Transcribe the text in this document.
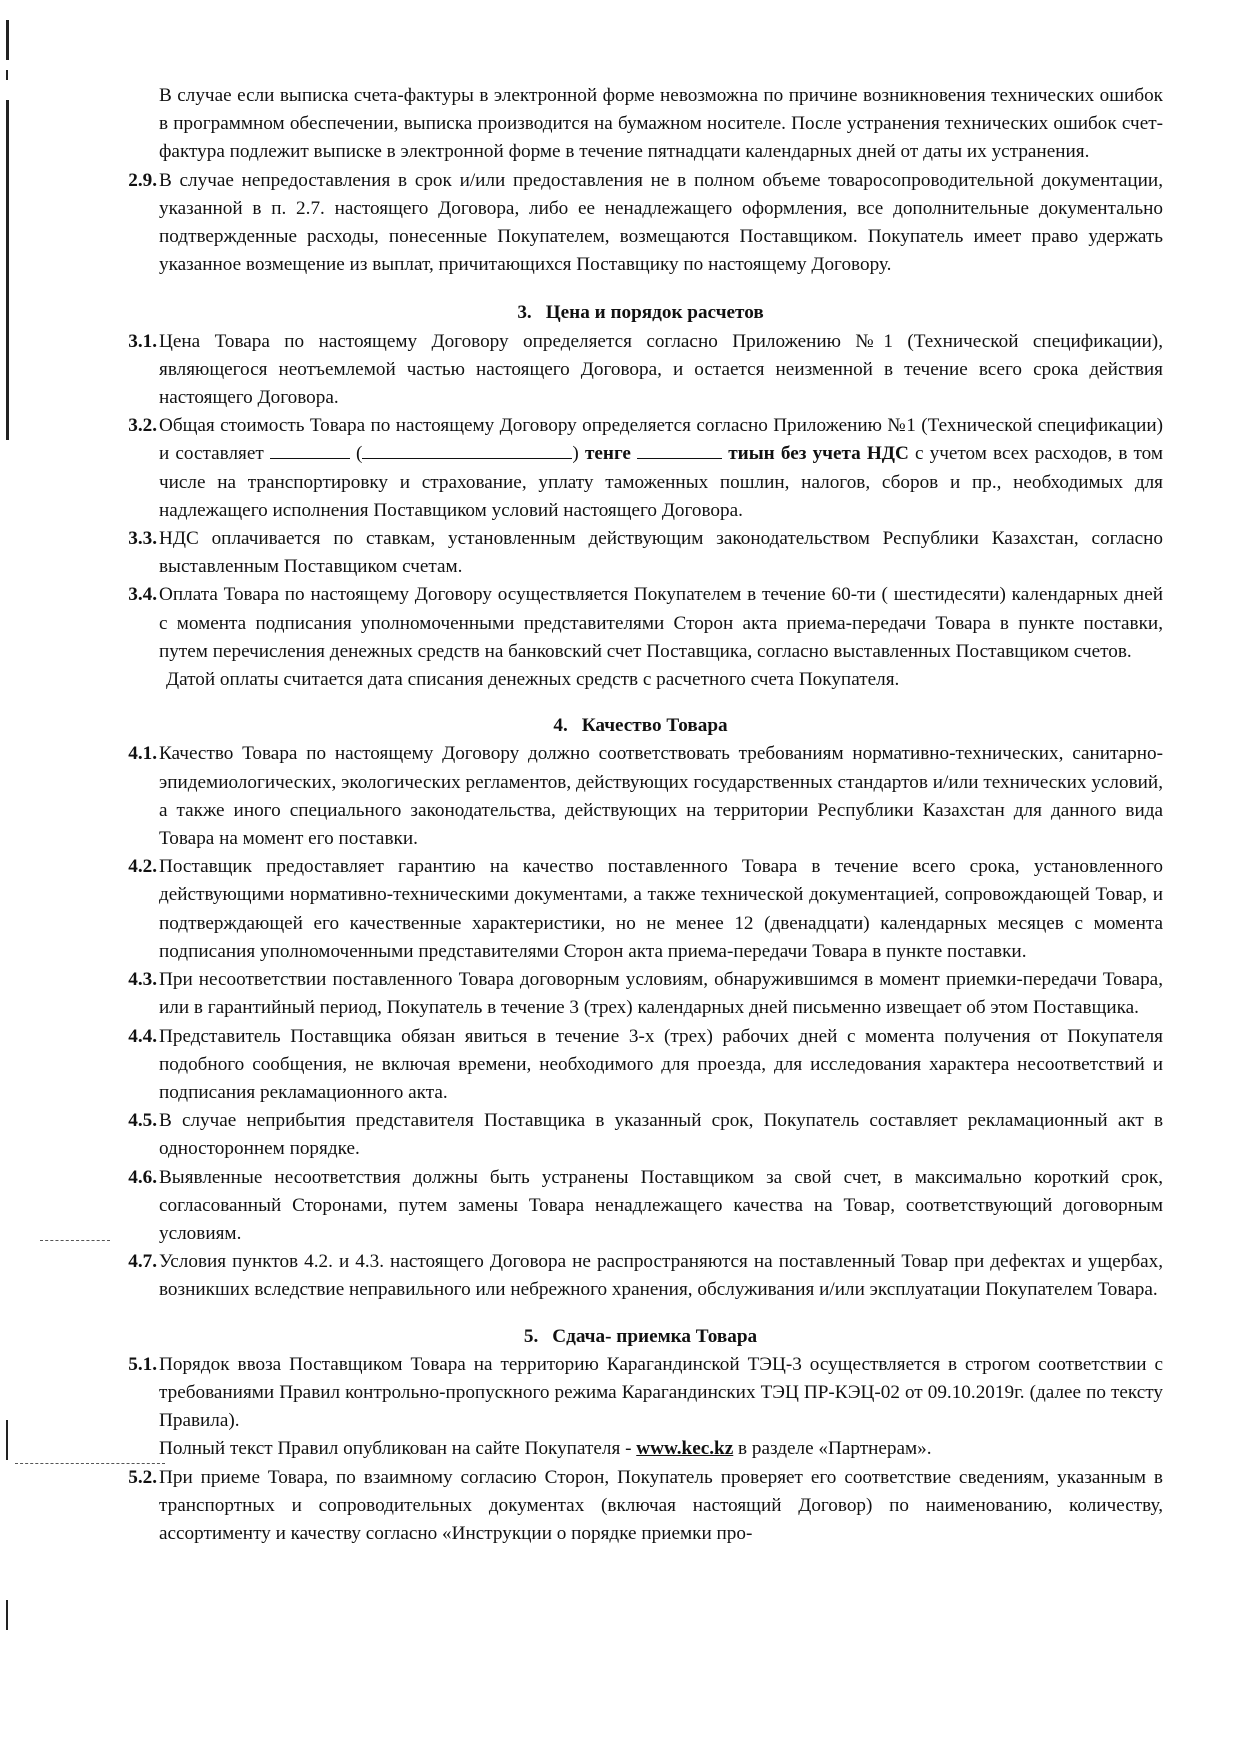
В случае если выписка счета-фактуры в электронной форме невозможна по причине возникновения технических ошибок в программном обеспечении, выписка производится на бумажном носителе. После устранения технических ошибок счет-фактура подлежит выписке в электронной форме в течение пятнадцати календарных дней от даты их устранения.

2.9. В случае непредоставления в срок и/или предоставления не в полном объеме товаросопроводительной документации, указанной в п. 2.7. настоящего Договора, либо ее ненадлежащего оформления, все дополнительные документально подтвержденные расходы, понесенные Покупателем, возмещаются Поставщиком. Покупатель имеет право удержать указанное возмещение из выплат, причитающихся Поставщику по настоящему Договору.
3. Цена и порядок расчетов
3.1. Цена Товара по настоящему Договору определяется согласно Приложению №1 (Технической спецификации), являющегося неотъемлемой частью настоящего Договора, и остается неизменной в течение всего срока действия настоящего Договора.
3.2. Общая стоимость Товара по настоящему Договору определяется согласно Приложению №1 (Технической спецификации) и составляет	(	) тенге	тиын без учета НДС с учетом всех расходов, в том числе на транспортировку и страхование, уплату таможенных пошлин, налогов, сборов и пр., необходимых для надлежащего исполнения Поставщиком условий настоящего Договора.
3.3. НДС оплачивается по ставкам, установленным действующим законодательством Республики Казахстан, согласно выставленным Поставщиком счетам.
3.4. Оплата Товара по настоящему Договору осуществляется Покупателем в течение 60-ти ( шестидесяти) календарных дней с момента подписания уполномоченными представителями Сторон акта приема-передачи Товара в пункте поставки, путем перечисления денежных средств на банковский счет Поставщика, согласно выставленных Поставщиком счетов.

Датой оплаты считается дата списания денежных средств с расчетного счета Покупателя.

4. Качество Товара
4.1. Качество Товара по настоящему Договору должно соответствовать требованиям нормативно-технических, санитарно-эпидемиологических, экологических регламентов, действующих государственных стандартов и/или технических условий, а также иного специального законодательства, действующих на территории Республики Казахстан для данного вида Товара на момент его поставки.
4.2. Поставщик предоставляет гарантию на качество поставленного Товара в течение всего срока, установленного действующими нормативно-техническими документами, а также технической документацией, сопровождающей Товар, и подтверждающей его качественные характеристики, но не менее 12 (двенадцати) календарных месяцев с момента подписания уполномоченными представителями Сторон акта приема-передачи Товара в пункте поставки.
4.3. При несоответствии поставленного Товара договорным условиям, обнаружившимся в момент приемки-передачи Товара, или в гарантийный период, Покупатель в течение 3 (трех) календарных дней письменно извещает об этом Поставщика.
4.4. Представитель Поставщика обязан явиться в течение 3-х (трех) рабочих дней с момента получения от Покупателя подобного сообщения, не включая времени, необходимого для проезда, для исследования характера несоответствий и подписания рекламационного акта.
4.5. В случае неприбытия представителя Поставщика в указанный срок, Покупатель составляет рекламационный акт в одностороннем порядке.
4.6. Выявленные несоответствия должны быть устранены Поставщиком за свой счет, в максимально короткий срок, согласованный Сторонами, путем замены Товара ненадлежащего качества на Товар, соответствующий договорным условиям.
4.7. Условия пунктов 4.2. и 4.3. настоящего Договора не распространяются на поставленный Товар при дефектах и ущербах, возникших вследствие неправильного или небрежного хранения, обслуживания и/или эксплуатации Покупателем Товара.
5. Сдача- приемка Товара
5.1. Порядок ввоза Поставщиком Товара на территорию Карагандинской ТЭЦ-3 осуществляется в строгом соответствии с требованиями Правил контрольно-пропускного режима Карагандинских ТЭЦ ПР-КЭЦ-02 от 09.10.2019г. (далее по тексту Правила).

Полный текст Правил опубликован на сайте Покупателя - www.kec.kz в разделе «Партнерам».

5.2. При приеме Товара, по взаимному согласию Сторон, Покупатель проверяет его соответствие сведениям, указанным в транспортных и сопроводительных документах (включая настоящий Договор) по наименованию, количеству, ассортименту и качеству согласно «Инструкции о порядке приемки про-
